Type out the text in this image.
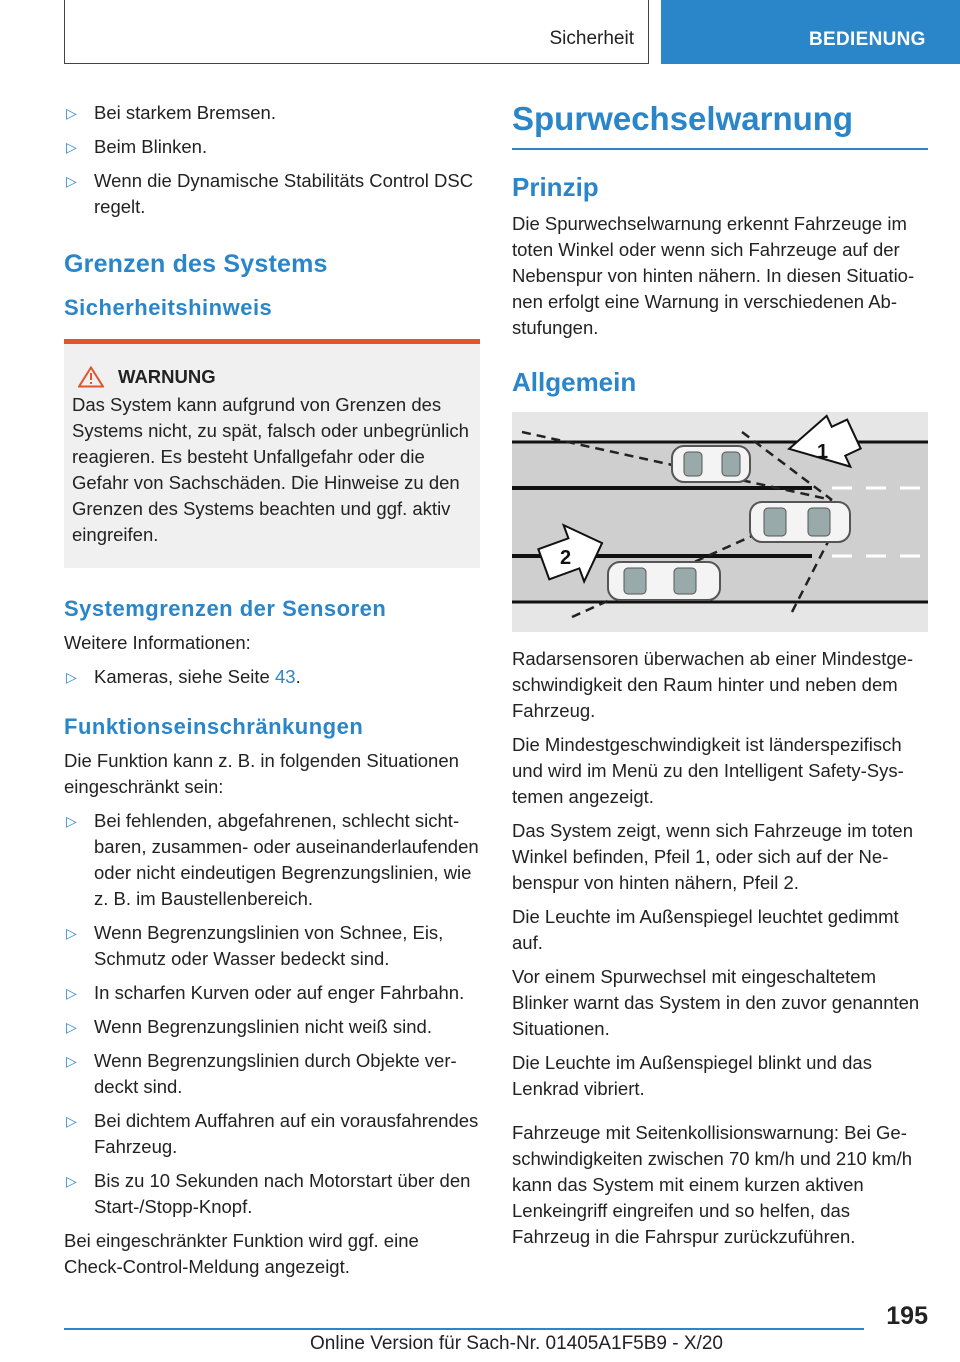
Sicherheit	BEDIENUNG
▷ Bei starkem Bremsen.
▷ Beim Blinken.
▷ Wenn die Dynamische Stabilitäts Control DSC regelt.
Grenzen des Systems
Sicherheitshinweis
WARNUNG
Das System kann aufgrund von Grenzen des Systems nicht, zu spät, falsch oder unbegrünlich reagieren. Es besteht Unfallgefahr oder die Gefahr von Sachschäden. Die Hinweise zu den Grenzen des Systems beachten und ggf. aktiv eingreifen.
Systemgrenzen der Sensoren

Weitere Informationen:

▷ Kameras, siehe Seite 43.
Funktionseinschränkungen

Die Funktion kann z. B. in folgenden Situationen eingeschränkt sein:

▷ Bei fehlenden, abgefahrenen, schlecht sichtbaren, zusammen- oder auseinanderlaufenden oder nicht eindeutigen Begrenzungslinien, wie z. B. im Baustellenbereich.
▷ Wenn Begrenzungslinien von Schnee, Eis, Schmutz oder Wasser bedeckt sind.
▷ In scharfen Kurven oder auf enger Fahrbahn.
▷ Wenn Begrenzungslinien nicht weiß sind.
▷ Wenn Begrenzungslinien durch Objekte verdeckt sind.
▷ Bei dichtem Auffahren auf ein vorausfahrendes Fahrzeug.
▷ Bis zu 10 Sekunden nach Motorstart über den Start-/Stopp-Knopf.

Bei eingeschränkter Funktion wird ggf. eine Check-Control-Meldung angezeigt.

Spurwechselwarnung
Prinzip

Die Spurwechselwarnung erkennt Fahrzeuge im toten Winkel oder wenn sich Fahrzeuge auf der Nebenspur von hinten nähern. In diesen Situationen erfolgt eine Warnung in verschiedenen Abstufungen.

Allgemein
1
2

Radarsensoren überwachen ab einer Mindestgeschwindigkeit den Raum hinter und neben dem Fahrzeug.

Die Mindestgeschwindigkeit ist länderspezifisch und wird im Menü zu den Intelligent Safety-Systemen angezeigt.

Das System zeigt, wenn sich Fahrzeuge im toten Winkel befinden, Pfeil 1, oder sich auf der Nebenspur von hinten nähern, Pfeil 2.

Die Leuchte im Außenspiegel leuchtet gedimmt auf.

Vor einem Spurwechsel mit eingeschaltetem Blinker warnt das System in den zuvor genannten Situationen.

Die Leuchte im Außenspiegel blinkt und das Lenkrad vibriert.

Fahrzeuge mit Seitenkollisionswarnung: Bei Geschwindigkeiten zwischen 70 km/h und 210 km/h kann das System mit einem kurzen aktiven Lenkeingriff eingreifen und so helfen, das Fahrzeug in die Fahrspur zurückzuführen.

195
Online Version für Sach-Nr. 01405A1F5B9 - X/20
